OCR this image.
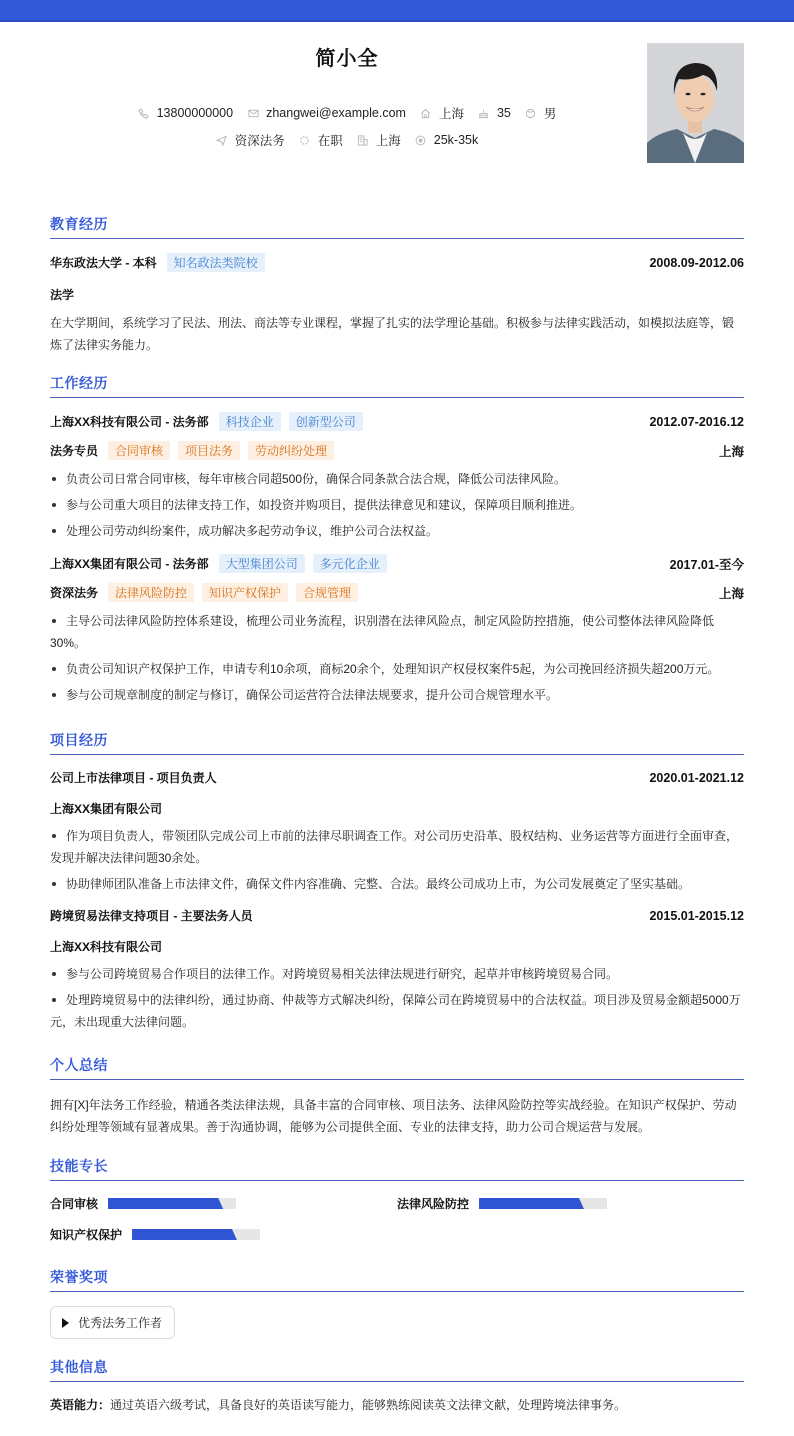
简小全
13800000000	zhangwei@example.com	上海	35	男
资深法务	在职	上海	25k-35k
教育经历
华东政法大学 - 本科	知名政法类院校	2008.09-2012.06
法学
在大学期间，系统学习了民法、刑法、商法等专业课程，掌握了扎实的法学理论基础。积极参与法律实践活动，如模拟法庭等，锻炼了法律实务能力。
工作经历
上海XX科技有限公司 - 法务部	科技企业	创新型公司	2012.07-2016.12
法务专员	合同审核	项目法务	劳动纠纷处理	上海
负责公司日常合同审核，每年审核合同超500份，确保合同条款合法合规，降低公司法律风险。
参与公司重大项目的法律支持工作，如投资并购项目，提供法律意见和建议，保障项目顺利推进。
处理公司劳动纠纷案件，成功解决多起劳动争议，维护公司合法权益。
上海XX集团有限公司 - 法务部	大型集团公司	多元化企业	2017.01-至今
资深法务	法律风险防控	知识产权保护	合规管理	上海
主导公司法律风险防控体系建设，梳理公司业务流程，识别潜在法律风险点，制定风险防控措施，使公司整体法律风险降低30%。
负责公司知识产权保护工作，申请专利10余项，商标20余个，处理知识产权侵权案件5起，为公司挽回经济损失超200万元。
参与公司规章制度的制定与修订，确保公司运营符合法律法规要求，提升公司合规管理水平。
项目经历
公司上市法律项目 - 项目负责人	2020.01-2021.12
上海XX集团有限公司
作为项目负责人，带领团队完成公司上市前的法律尽职调查工作。对公司历史沿革、股权结构、业务运营等方面进行全面审查，发现并解决法律问题30余处。
协助律师团队准备上市法律文件，确保文件内容准确、完整、合法。最终公司成功上市，为公司发展奠定了坚实基础。
跨境贸易法律支持项目 - 主要法务人员	2015.01-2015.12
上海XX科技有限公司
参与公司跨境贸易合作项目的法律工作。对跨境贸易相关法律法规进行研究，起草并审核跨境贸易合同。
处理跨境贸易中的法律纠纷，通过协商、仲裁等方式解决纠纷，保障公司在跨境贸易中的合法权益。项目涉及贸易金额超5000万元，未出现重大法律问题。
个人总结
拥有[X]年法务工作经验，精通各类法律法规，具备丰富的合同审核、项目法务、法律风险防控等实战经验。在知识产权保护、劳动纠纷处理等领域有显著成果。善于沟通协调，能够为公司提供全面、专业的法律支持，助力公司合规运营与发展。
技能专长
合同审核	法律风险防控
知识产权保护
荣誉奖项
优秀法务工作者
其他信息
英语能力：通过英语六级考试，具备良好的英语读写能力，能够熟练阅读英文法律文献，处理跨境法律事务。
